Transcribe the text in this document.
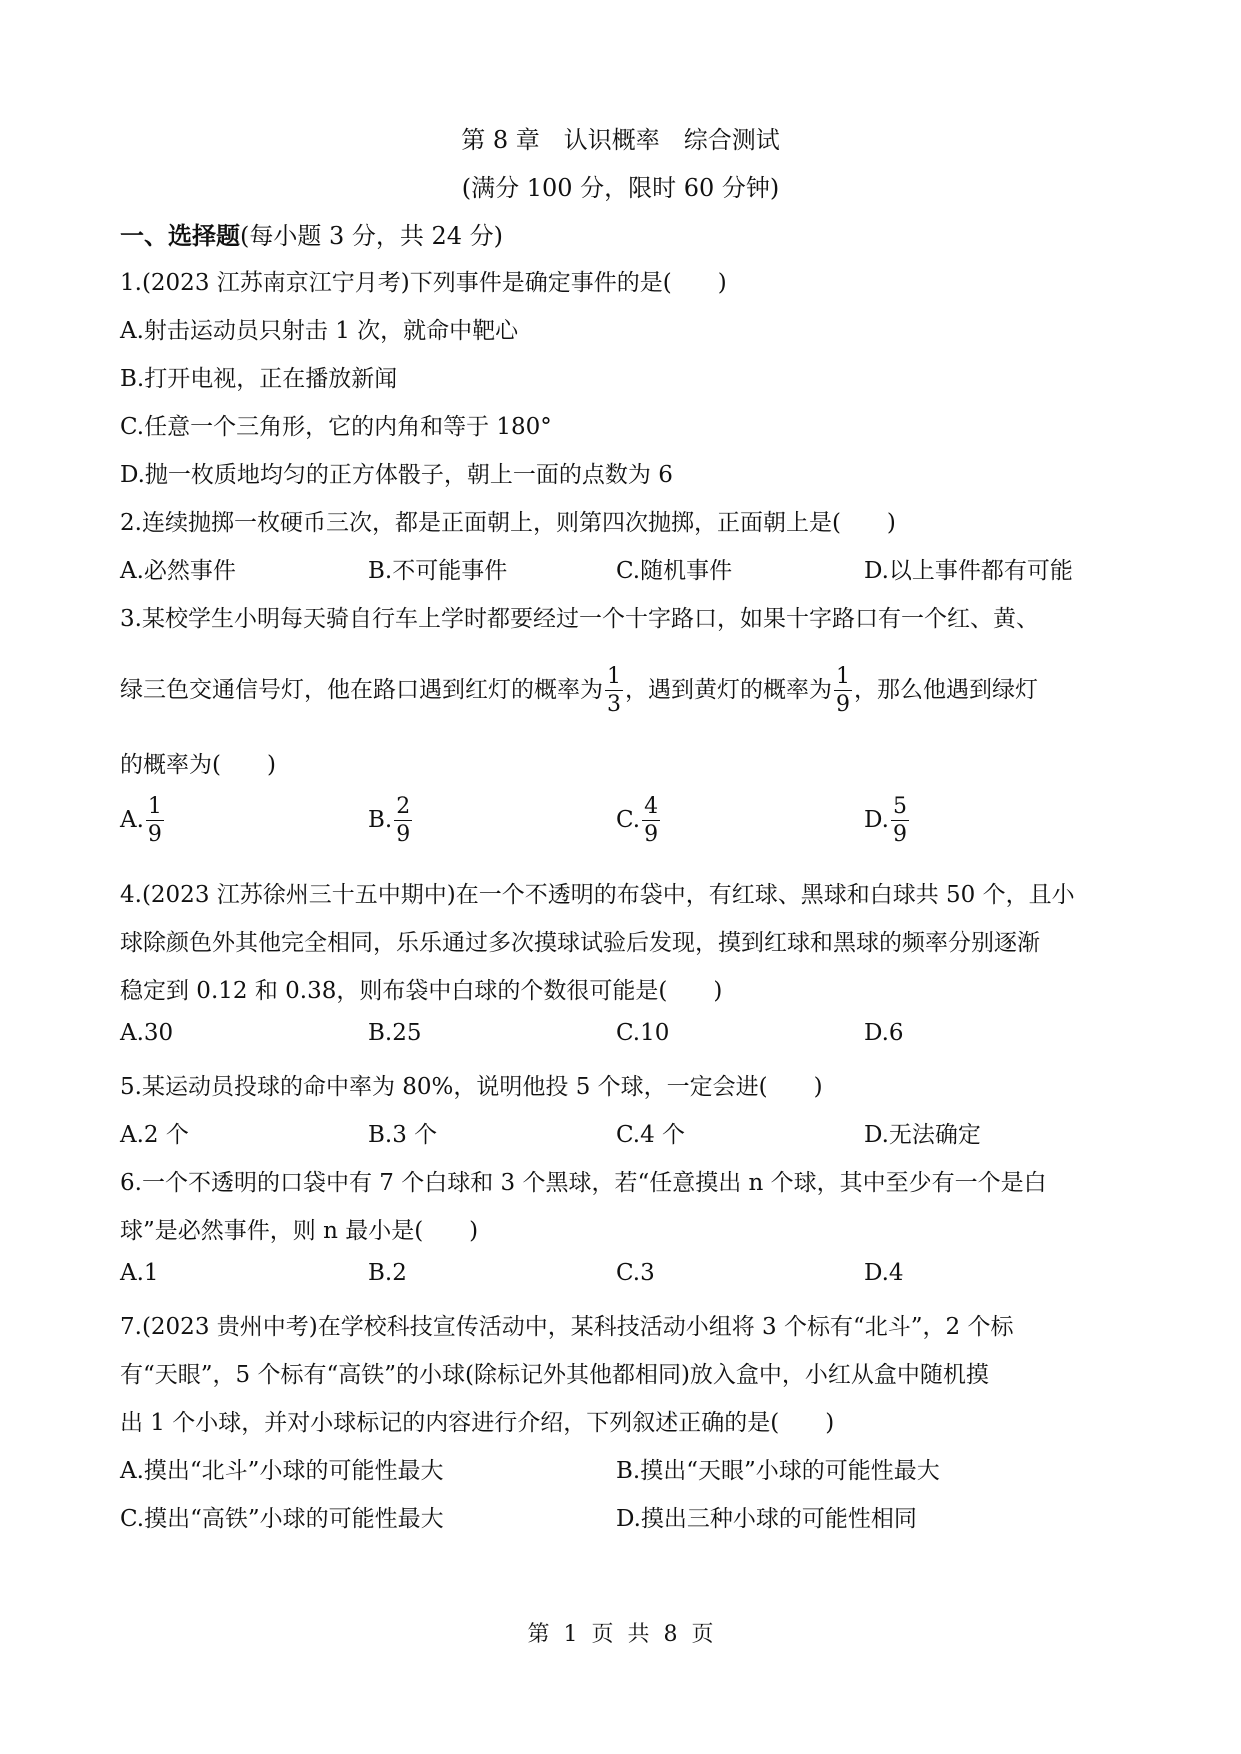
第 8 章　认识概率　综合测试
(满分 100 分，限时 60 分钟)
一、选择题(每小题 3 分，共 24 分)
1.(2023 江苏南京江宁月考)下列事件是确定事件的是(　　)
A.射击运动员只射击 1 次，就命中靶心
B.打开电视，正在播放新闻
C.任意一个三角形，它的内角和等于 180°
D.抛一枚质地均匀的正方体骰子，朝上一面的点数为 6
2.连续抛掷一枚硬币三次，都是正面朝上，则第四次抛掷，正面朝上是(　　)
A.必然事件	B.不可能事件	C.随机事件	D.以上事件都有可能
3.某校学生小明每天骑自行车上学时都要经过一个十字路口，如果十字路口有一个红、黄、
绿三色交通信号灯，他在路口遇到红灯的概率为 $\frac{1}{3}$ ，遇到黄灯的概率为 $\frac{1}{9}$ ，那么他遇到绿灯
的概率为(　　)
A. $\frac{1}{9}$	B. $\frac{2}{9}$	C. $\frac{4}{9}$	D. $\frac{5}{9}$
4.(2023 江苏徐州三十五中期中)在一个不透明的布袋中，有红球、黑球和白球共 50 个，且小
球除颜色外其他完全相同，乐乐通过多次摸球试验后发现，摸到红球和黑球的频率分别逐渐
稳定到 0.12 和 0.38，则布袋中白球的个数很可能是(　　)
A.30	B.25	C.10	D.6
5.某运动员投球的命中率为 80%，说明他投 5 个球，一定会进(　　)
A.2 个	B.3 个	C.4 个	D.无法确定
6.一个不透明的口袋中有 7 个白球和 3 个黑球，若“任意摸出 n 个球，其中至少有一个是白
球”是必然事件，则 n 最小是(　　)
A.1	B.2	C.3	D.4
7.(2023 贵州中考)在学校科技宣传活动中，某科技活动小组将 3 个标有“北斗”，2 个标
有“天眼”，5 个标有“高铁”的小球(除标记外其他都相同)放入盒中，小红从盒中随机摸
出 1 个小球，并对小球标记的内容进行介绍，下列叙述正确的是(　　)
A.摸出“北斗”小球的可能性最大	B.摸出“天眼”小球的可能性最大
C.摸出“高铁”小球的可能性最大	D.摸出三种小球的可能性相同
第  1  页  共  8  页
